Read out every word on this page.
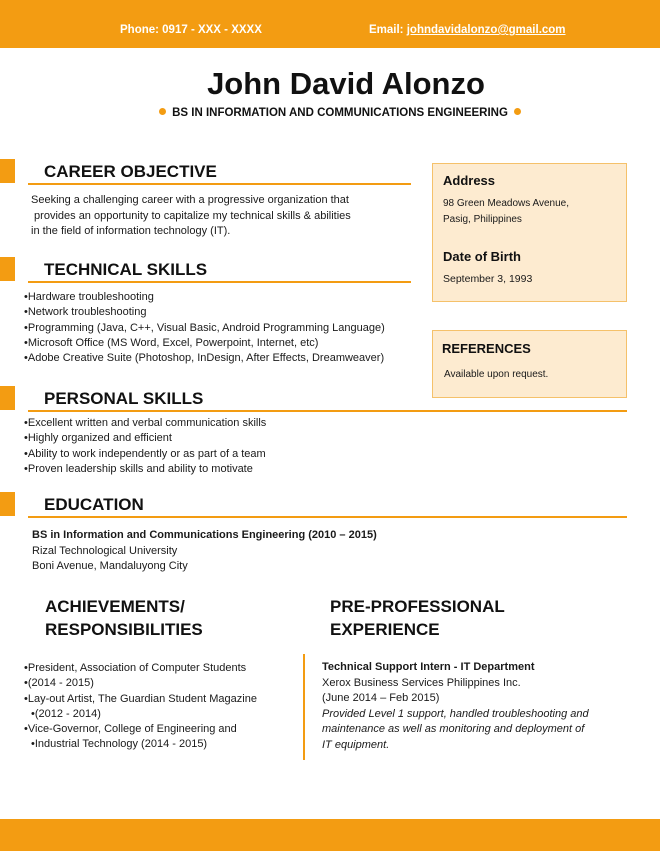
Phone: 0917 - XXX - XXXX	Email: johndavidalonzo@gmail.com
John David Alonzo
BS IN INFORMATION AND COMMUNICATIONS ENGINEERING
CAREER OBJECTIVE
Seeking a challenging career with a progressive organization that
provides an opportunity to capitalize my technical skills & abilities
in the field of information technology (IT).
TECHNICAL SKILLS
• Hardware troubleshooting
• Network troubleshooting
• Programming (Java, C++, Visual Basic, Android Programming Language)
• Microsoft Office (MS Word, Excel, Powerpoint, Internet, etc)
• Adobe Creative Suite (Photoshop, InDesign, After Effects, Dreamweaver)
PERSONAL SKILLS
• Excellent written and verbal communication skills
• Highly organized and efficient
• Ability to work independently or as part of a team
• Proven leadership skills and ability to motivate
EDUCATION
BS in Information and Communications Engineering (2010 – 2015)
Rizal Technological University
Boni Avenue, Mandaluyong City
Address
98 Green Meadows Avenue,
Pasig, Philippines
Date of Birth
September 3, 1993
REFERENCES
Available upon request.
ACHIEVEMENTS/
RESPONSIBILITIES
• President, Association of Computer Students
• (2014 - 2015)
• Lay-out Artist, The Guardian Student Magazine
• (2012 - 2014)
• Vice-Governor, College of Engineering and
• Industrial Technology (2014 - 2015)
PRE-PROFESSIONAL
EXPERIENCE
Technical Support Intern - IT Department
Xerox Business Services Philippines Inc.
(June 2014 – Feb 2015)
Provided Level 1 support, handled troubleshooting and
maintenance as well as monitoring and deployment of
IT equipment.
